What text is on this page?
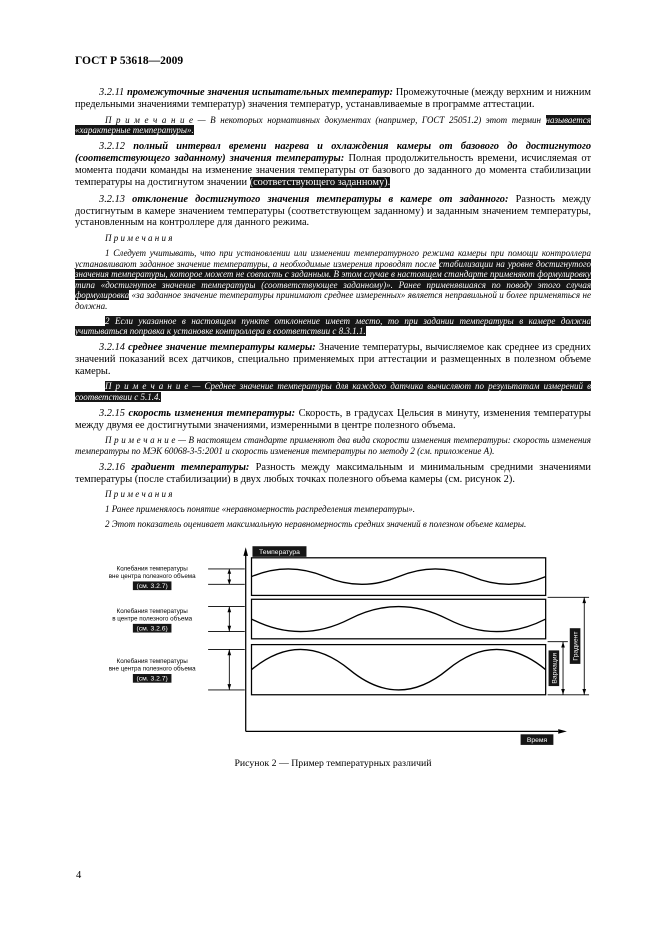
ГОСТ Р 53618—2009

3.2.11 промежуточные значения испытательных температур: Промежуточные (между верхним и нижним предельными значениями температур) значения температур, устанавливаемые в программе аттестации.

П р и м е ч а н и е — В некоторых нормативных документах (например, ГОСТ 25051.2) этот термин называется «характерные температуры».

3.2.12 полный интервал времени нагрева и охлаждения камеры от базового до достигнутого (соответствующего заданному) значения температуры: Полная продолжительность времени, исчисляемая от момента подачи команды на изменение значения температуры от базового до заданного до момента стабилизации температуры на достигнутом значении (соответствующего заданному).

3.2.13 отклонение достигнутого значения температуры в камере от заданного: Разность между достигнутым в камере значением температуры (соответствующем заданному) и заданным значением температуры, установленным на контроллере для данного режима.

П р и м е ч а н и я

1 Следует учитывать, что при установлении или изменении температурного режима камеры при помощи контроллера устанавливают заданное значение температуры, а необходимые измерения проводят после стабилизации на уровне достигнутого значения температуры, которое может не совпасть с заданным. В этом случае в настоящем стандарте применяют формулировку типа «достигнутое значение температуры (соответствующее заданному)». Ранее применявшаяся по поводу этого случая формулировка «за заданное значение температуры принимают среднее измеренных» является неправильной и более применяться не должна.

2 Если указанное в настоящем пункте отклонение имеет место, то при задании температуры в камере должна учитываться поправка к установке контроллера в соответствии с 8.3.1.1.

3.2.14 среднее значение температуры камеры: Значение температуры, вычисляемое как среднее из средних значений показаний всех датчиков, специально применяемых при аттестации и размещенных в полезном объеме камеры.

П р и м е ч а н и е — Среднее значение температуры для каждого датчика вычисляют по результатам измерений в соответствии с 5.1.4.

3.2.15 скорость изменения температуры: Скорость, в градусах Цельсия в минуту, изменения температуры между двумя ее достигнутыми значениями, измеренными в центре полезного объема.

П р и м е ч а н и е — В настоящем стандарте применяют два вида скорости изменения температуры: скорость изменения температуры по МЭК 60068-3-5:2001 и скорость изменения температуры по методу 2 (см. приложение А).

3.2.16 градиент температуры: Разность между максимальным и минимальным средними значениями температуры (после стабилизации) в двух любых точках полезного объема камеры (см. рисунок 2).

П р и м е ч а н и я

1 Ранее применялось понятие «неравномерность распределения температуры».

2 Этот показатель оценивает максимальную неравномерность средних значений в полезном объеме камеры.

Температура
Время
Колебания температуры
вне центра полезного объема
(см. 3.2.7)
Колебания температуры
в центре полезного объема
(см. 3.2.6)
Колебания температуры
вне центра полезного объема
(см. 3.2.7)	Вариация
Градиент
Рисунок 2 — Пример температурных различий
4
